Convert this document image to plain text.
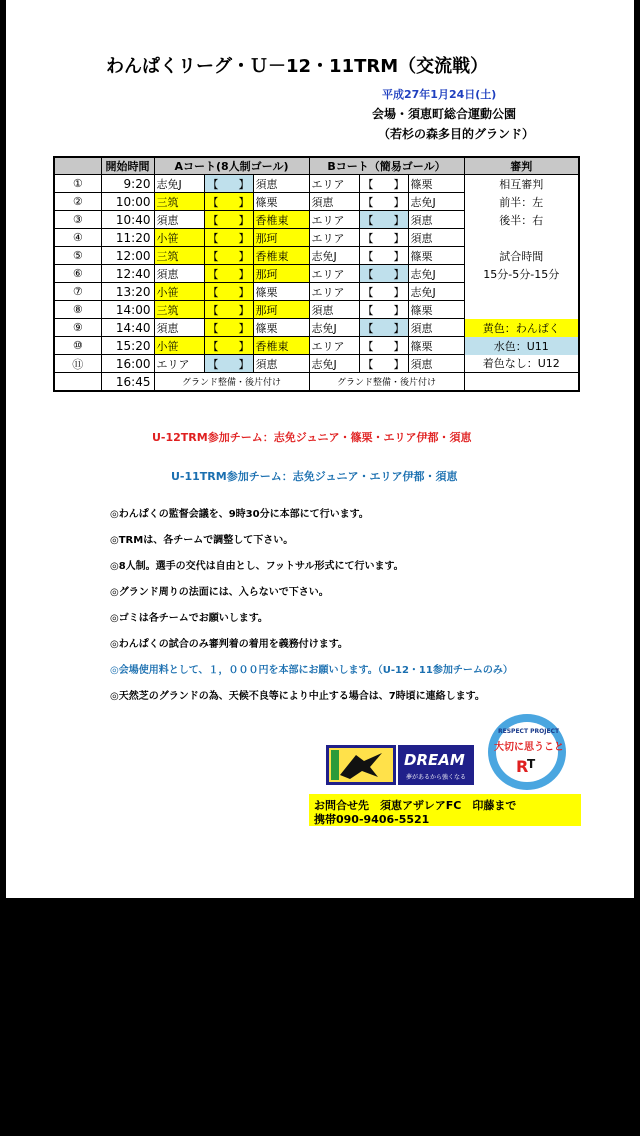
わんぱくリーグ・Ｕ－12・11TRM（交流戦）
平成27年1月24日(土)
会場・須恵町総合運動公園
（若杉の森多目的グランド）
	開始時間	Aコート(8人制ゴール)			Bコート（簡易ゴール）			審判
①	9:20	志免J	【 】	須恵	エリア	【 】	篠栗	相互審判
②	10:00	三筑	【 】	篠栗	須恵	【 】	志免J	前半：左
③	10:40	須恵	【 】	香椎東	エリア	【 】	須恵	後半：右
④	11:20	小笹	【 】	那珂	エリア	【 】	須恵	
⑤	12:00	三筑	【 】	香椎東	志免J	【 】	篠栗	試合時間
⑥	12:40	須恵	【 】	那珂	エリア	【 】	志免J	15分-5分-15分
⑦	13:20	小笹	【 】	篠栗	エリア	【 】	志免J	
⑧	14:00	三筑	【 】	那珂	須恵	【 】	篠栗	
⑨	14:40	須恵	【 】	篠栗	志免J	【 】	須恵	黄色：わんぱく
⑩	15:20	小笹	【 】	香椎東	エリア	【 】	篠栗	水色：U11
⑪	16:00	エリア	【 】	須恵	志免J	【 】	須恵	着色なし：U12
	16:45	グランド整備・後片付け			グランド整備・後片付け			
U-12TRM参加チーム：志免ジュニア・篠栗・エリア伊都・須恵
U-11TRM参加チーム：志免ジュニア・エリア伊都・須恵
◎わんぱくの監督会議を、9時30分に本部にて行います。
◎TRMは、各チームで調整して下さい。
◎8人制。選手の交代は自由とし、フットサル形式にて行います。
◎グランド周りの法面には、入らないで下さい。
◎ゴミは各チームでお願いします。
◎わんぱくの試合のみ審判着の着用を義務付けます。
◎会場使用料として、１，０００円を本部にお願いします。（U-12・11参加チームのみ）
◎天然芝のグランドの為、天候不良等により中止する場合は、7時頃に連絡します。
DREAM
夢があるから強くなる
RESPECT PROJECT
大切に思うこと
R
T
お問合せ先　須恵アザレアFC　印藤まで
携帯090-9406-5521
